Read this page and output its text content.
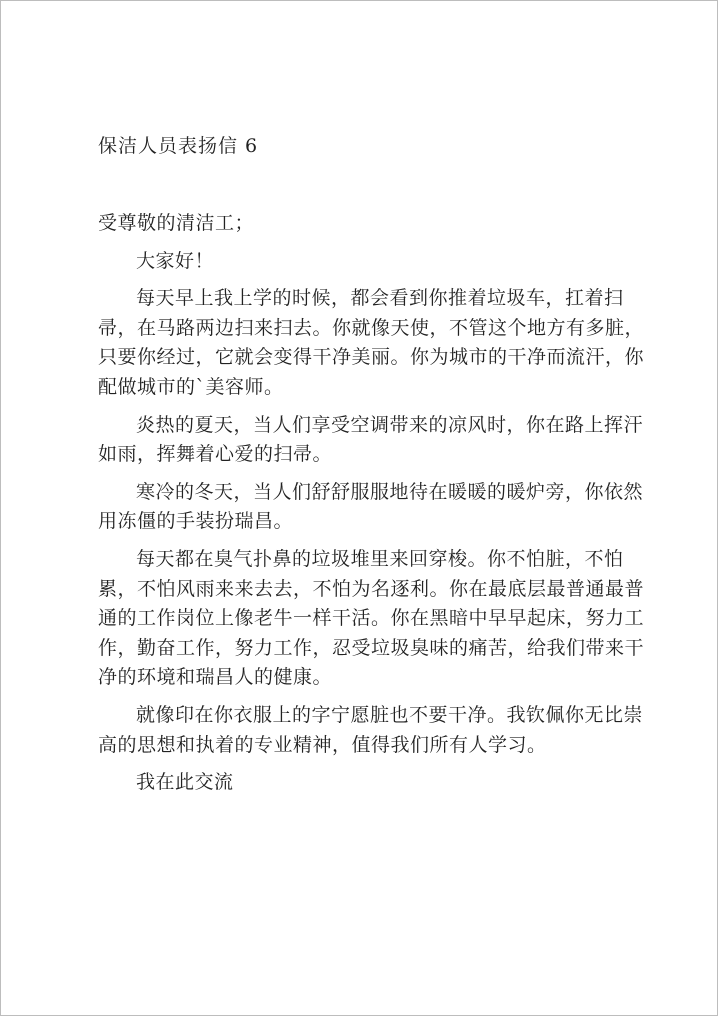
保洁人员表扬信 6

受尊敬的清洁工；

大家好！

每天早上我上学的时候，都会看到你推着垃圾车，扛着扫
帚，在马路两边扫来扫去。你就像天使，不管这个地方有多脏，
只要你经过，它就会变得干净美丽。你为城市的干净而流汗，你
配做城市的`美容师。

炎热的夏天，当人们享受空调带来的凉风时，你在路上挥汗
如雨，挥舞着心爱的扫帚。

寒冷的冬天，当人们舒舒服服地待在暖暖的暖炉旁，你依然
用冻僵的手装扮瑞昌。

每天都在臭气扑鼻的垃圾堆里来回穿梭。你不怕脏，不怕
累，不怕风雨来来去去，不怕为名逐利。你在最底层最普通最普
通的工作岗位上像老牛一样干活。你在黑暗中早早起床，努力工
作，勤奋工作，努力工作，忍受垃圾臭味的痛苦，给我们带来干
净的环境和瑞昌人的健康。

就像印在你衣服上的字宁愿脏也不要干净。我钦佩你无比崇
高的思想和执着的专业精神，值得我们所有人学习。

我在此交流
